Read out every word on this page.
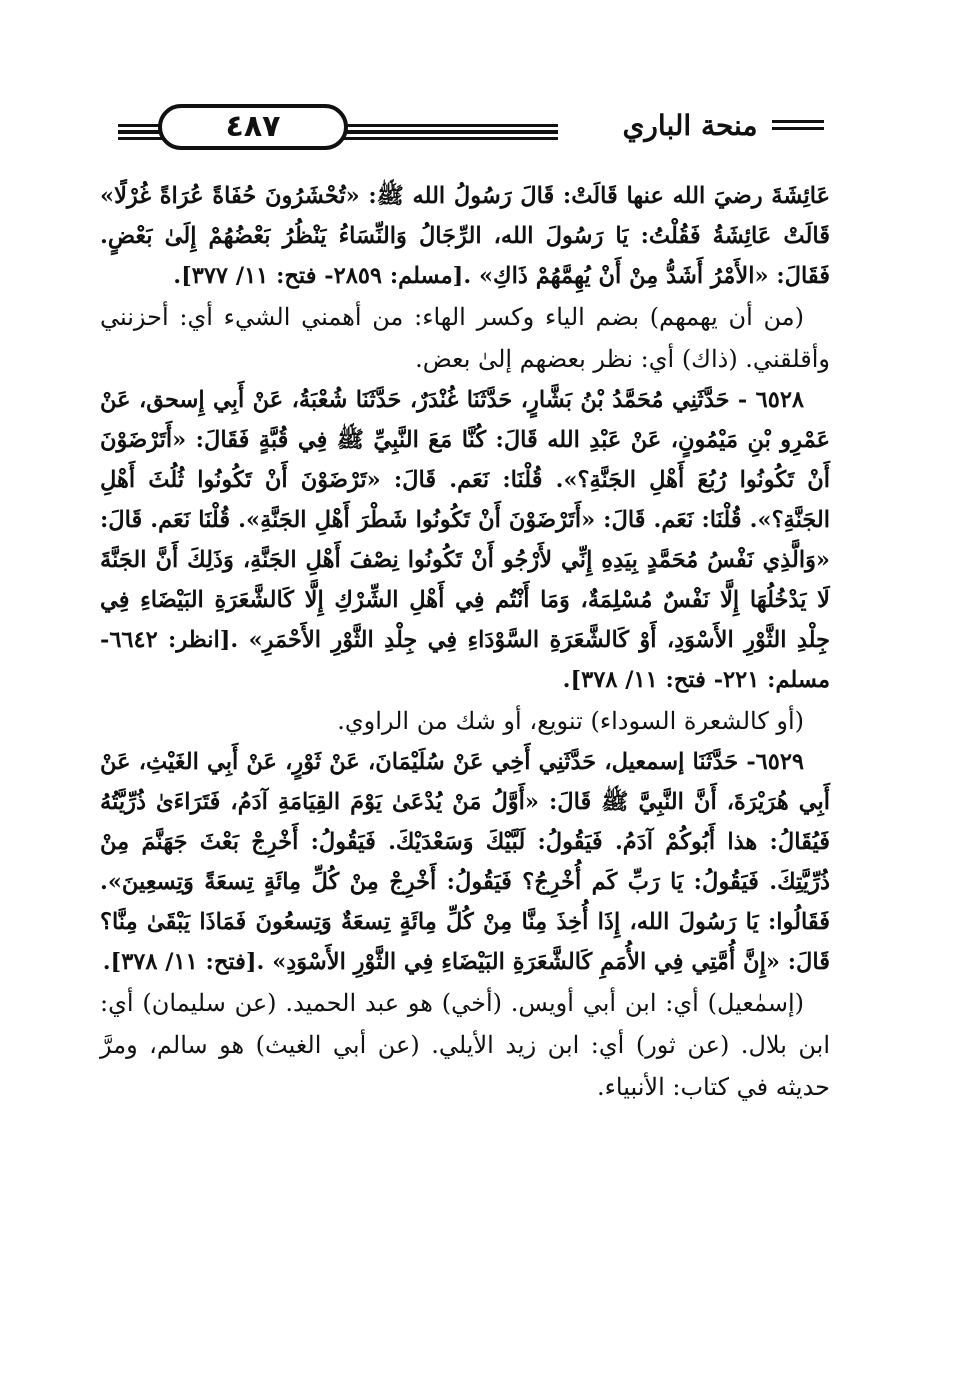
٤٨٧	منحة الباري

عَائِشَةَ رضيَ الله عنها قَالَتْ: قَالَ رَسُولُ الله ﷺ: «تُحْشَرُونَ حُفَاةً عُرَاةً غُرْلًا» قَالَتْ عَائِشَةُ فَقُلْتُ: يَا رَسُولَ الله، الرِّجَالُ وَالنِّسَاءُ يَنْظُرُ بَعْضُهُمْ إِلَىٰ بَعْضٍ. فَقَالَ: «الأَمْرُ أَشَدُّ مِنْ أَنْ يُهِمَّهُمْ ذَاكِ» .[مسلم: ٢٨٥٩- فتح: ١١/ ٣٧٧].

(من أن يهمهم) بضم الياء وكسر الهاء: من أهمني الشيء أي: أحزنني وأقلقني. (ذاك) أي: نظر بعضهم إلىٰ بعض.

٦٥٢٨ - حَدَّثَنِي مُحَمَّدُ بْنُ بَشَّارٍ، حَدَّثَنَا غُنْدَرٌ، حَدَّثَنَا شُعْبَةُ، عَنْ أَبِي إِسحق، عَنْ عَمْرِو بْنِ مَيْمُونٍ، عَنْ عَبْدِ الله قَالَ: كُنَّا مَعَ النَّبِيِّ ﷺ فِي قُبَّةٍ فَقَالَ: «أَتَرْضَوْنَ أَنْ تَكُونُوا رُبُعَ أَهْلِ الجَنَّةِ؟». قُلْنَا: نَعَم. قَالَ: «تَرْضَوْنَ أَنْ تَكُونُوا ثُلُثَ أَهْلِ الجَنَّةِ؟». قُلْنَا: نَعَم. قَالَ: «أَتَرْضَوْنَ أَنْ تَكُونُوا شَطْرَ أَهْلِ الجَنَّةِ». قُلْنَا نَعَم. قَالَ: «وَالَّذِي نَفْسُ مُحَمَّدٍ بِيَدِهِ إِنِّي لأَرْجُو أَنْ تَكُونُوا نِصْفَ أَهْلِ الجَنَّةِ، وَذَلِكَ أَنَّ الجَنَّةَ لَا يَدْخُلُهَا إِلَّا نَفْسٌ مُسْلِمَةٌ، وَمَا أَنْتُم فِي أَهْلِ الشِّرْكِ إِلَّا كَالشَّعَرَةِ البَيْضَاءِ فِي جِلْدِ الثَّوْرِ الأَسْوَدِ، أَوْ كَالشَّعَرَةِ السَّوْدَاءِ فِي جِلْدِ الثَّوْرِ الأَحْمَرِ» .[انظر: ٦٦٤٢- مسلم: ٢٢١- فتح: ١١/ ٣٧٨].

(أو كالشعرة السوداء) تنويع، أو شك من الراوي.

٦٥٢٩- حَدَّثَنَا إسمعيل، حَدَّثَنِي أَخِي عَنْ سُلَيْمَانَ، عَنْ ثَوْرٍ، عَنْ أَبِي الغَيْثِ، عَنْ أَبِي هُرَيْرَةَ، أَنَّ النَّبِيَّ ﷺ قَالَ: «أَوَّلُ مَنْ يُدْعَىٰ يَوْمَ القِيَامَةِ آدَمُ، فَتَرَاءَىٰ ذُرِّيَّتُهُ فَيُقَالُ: هذا أَبُوكُمْ آدَمُ. فَيَقُولُ: لَبَّيْكَ وَسَعْدَيْكَ. فَيَقُولُ: أَخْرِجْ بَعْثَ جَهَنَّمَ مِنْ ذُرِّيَّتِكَ. فَيَقُولُ: يَا رَبِّ كَم أُخْرِجُ؟ فَيَقُولُ: أَخْرِجْ مِنْ كُلِّ مِائَةٍ تِسعَةً وَتِسعِينَ». فَقَالُوا: يَا رَسُولَ الله، إِذَا أُخِذَ مِنَّا مِنْ كُلِّ مِائَةٍ تِسعَةٌ وَتِسعُونَ فَمَاذَا يَبْقَىٰ مِنَّا؟ قَالَ: «إِنَّ أُمَّتِي فِي الأُمَمِ كَالشَّعَرَةِ البَيْضَاءِ فِي الثَّوْرِ الأَسْوَدِ» .[فتح: ١١/ ٣٧٨].

(إسمٰعيل) أي: ابن أبي أويس. (أخي) هو عبد الحميد. (عن سليمان) أي: ابن بلال. (عن ثور) أي: ابن زيد الأيلي. (عن أبي الغيث) هو سالم، ومرَّ حديثه في كتاب: الأنبياء.
